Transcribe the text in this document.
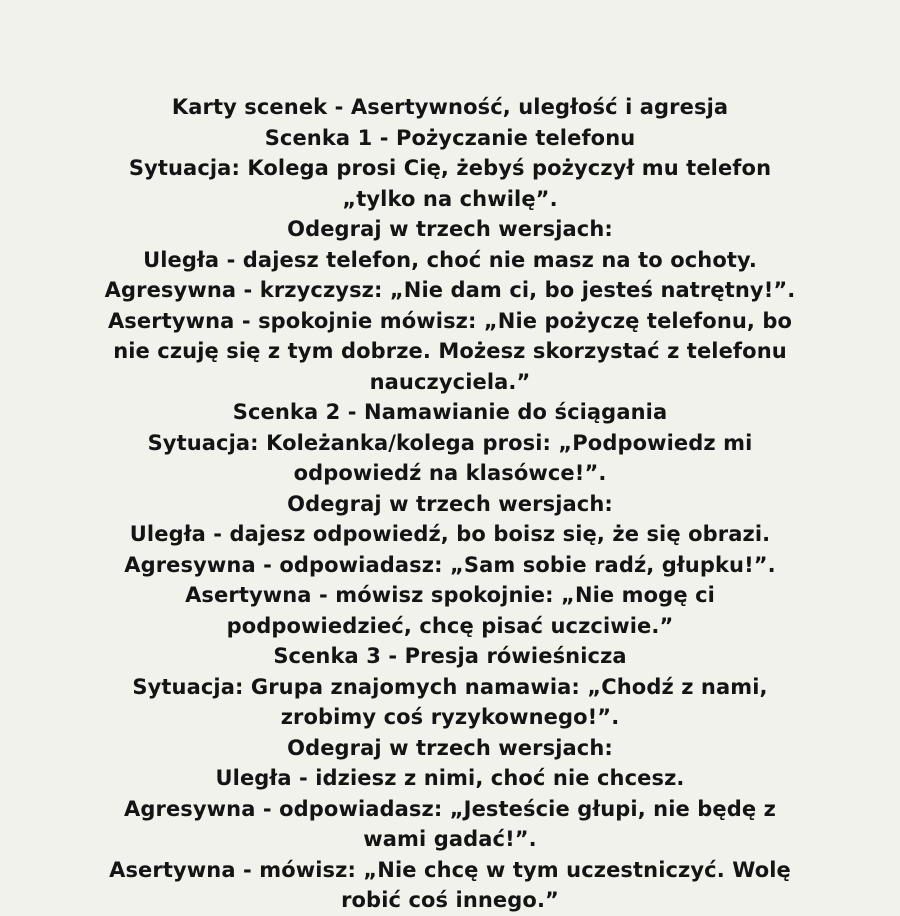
Karty scenek - Asertywność, uległość i agresja
Scenka 1 - Pożyczanie telefonu
Sytuacja: Kolega prosi Cię, żebyś pożyczył mu telefon
„tylko na chwilę”.
Odegraj w trzech wersjach:
Uległa - dajesz telefon, choć nie masz na to ochoty.
Agresywna - krzyczysz: „Nie dam ci, bo jesteś natrętny!”.
Asertywna - spokojnie mówisz: „Nie pożyczę telefonu, bo
nie czuję się z tym dobrze. Możesz skorzystać z telefonu
nauczyciela.”
Scenka 2 - Namawianie do ściągania
Sytuacja: Koleżanka/kolega prosi: „Podpowiedz mi
odpowiedź na klasówce!”.
Odegraj w trzech wersjach:
Uległa - dajesz odpowiedź, bo boisz się, że się obrazi.
Agresywna - odpowiadasz: „Sam sobie radź, głupku!”.
Asertywna - mówisz spokojnie: „Nie mogę ci
podpowiedzieć, chcę pisać uczciwie.”
Scenka 3 - Presja rówieśnicza
Sytuacja: Grupa znajomych namawia: „Chodź z nami,
zrobimy coś ryzykownego!”.
Odegraj w trzech wersjach:
Uległa - idziesz z nimi, choć nie chcesz.
Agresywna - odpowiadasz: „Jesteście głupi, nie będę z
wami gadać!”.
Asertywna - mówisz: „Nie chcę w tym uczestniczyć. Wolę
robić coś innego.”
